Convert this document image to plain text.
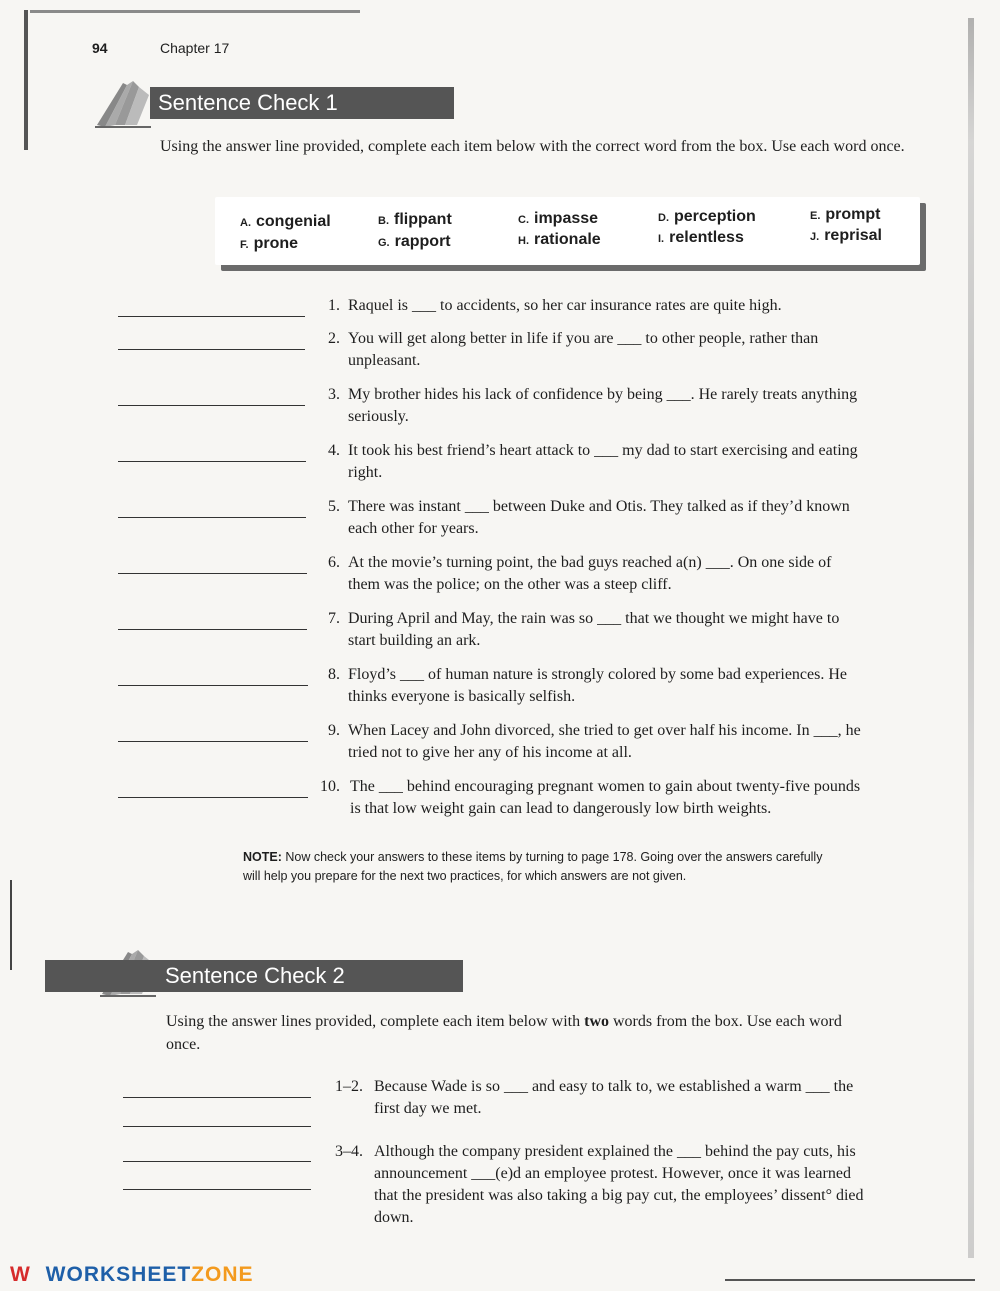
94	Chapter 17
Sentence Check 1
Using the answer line provided, complete each item below with the correct word from the box. Use each word once.
A. congenial	B. flippant	C. impasse	D. perception	E. prompt
F. prone	G. rapport	H. rationale	I. relentless	J. reprisal
1. Raquel is ___ to accidents, so her car insurance rates are quite high.
2. You will get along better in life if you are ___ to other people, rather than
unpleasant.
3. My brother hides his lack of confidence by being ___. He rarely treats anything
seriously.
4. It took his best friend’s heart attack to ___ my dad to start exercising and eating
right.
5. There was instant ___ between Duke and Otis. They talked as if they’d known
each other for years.
6. At the movie’s turning point, the bad guys reached a(n) ___. On one side of
them was the police; on the other was a steep cliff.
7. During April and May, the rain was so ___ that we thought we might have to
start building an ark.
8. Floyd’s ___ of human nature is strongly colored by some bad experiences. He
thinks everyone is basically selfish.
9. When Lacey and John divorced, she tried to get over half his income. In ___, he
tried not to give her any of his income at all.
10. The ___ behind encouraging pregnant women to gain about twenty-five pounds
is that low weight gain can lead to dangerously low birth weights.
NOTE: Now check your answers to these items by turning to page 178. Going over the answers carefully
will help you prepare for the next two practices, for which answers are not given.
Sentence Check 2
Using the answer lines provided, complete each item below with two words from the box. Use each word
once.
1–2. Because Wade is so ___ and easy to talk to, we established a warm ___ the
first day we met.
3–4. Although the company president explained the ___ behind the pay cuts, his
announcement ___(e)d an employee protest. However, once it was learned
that the president was also taking a big pay cut, the employees’ dissent° died
down.
W WORKSHEETZONE
